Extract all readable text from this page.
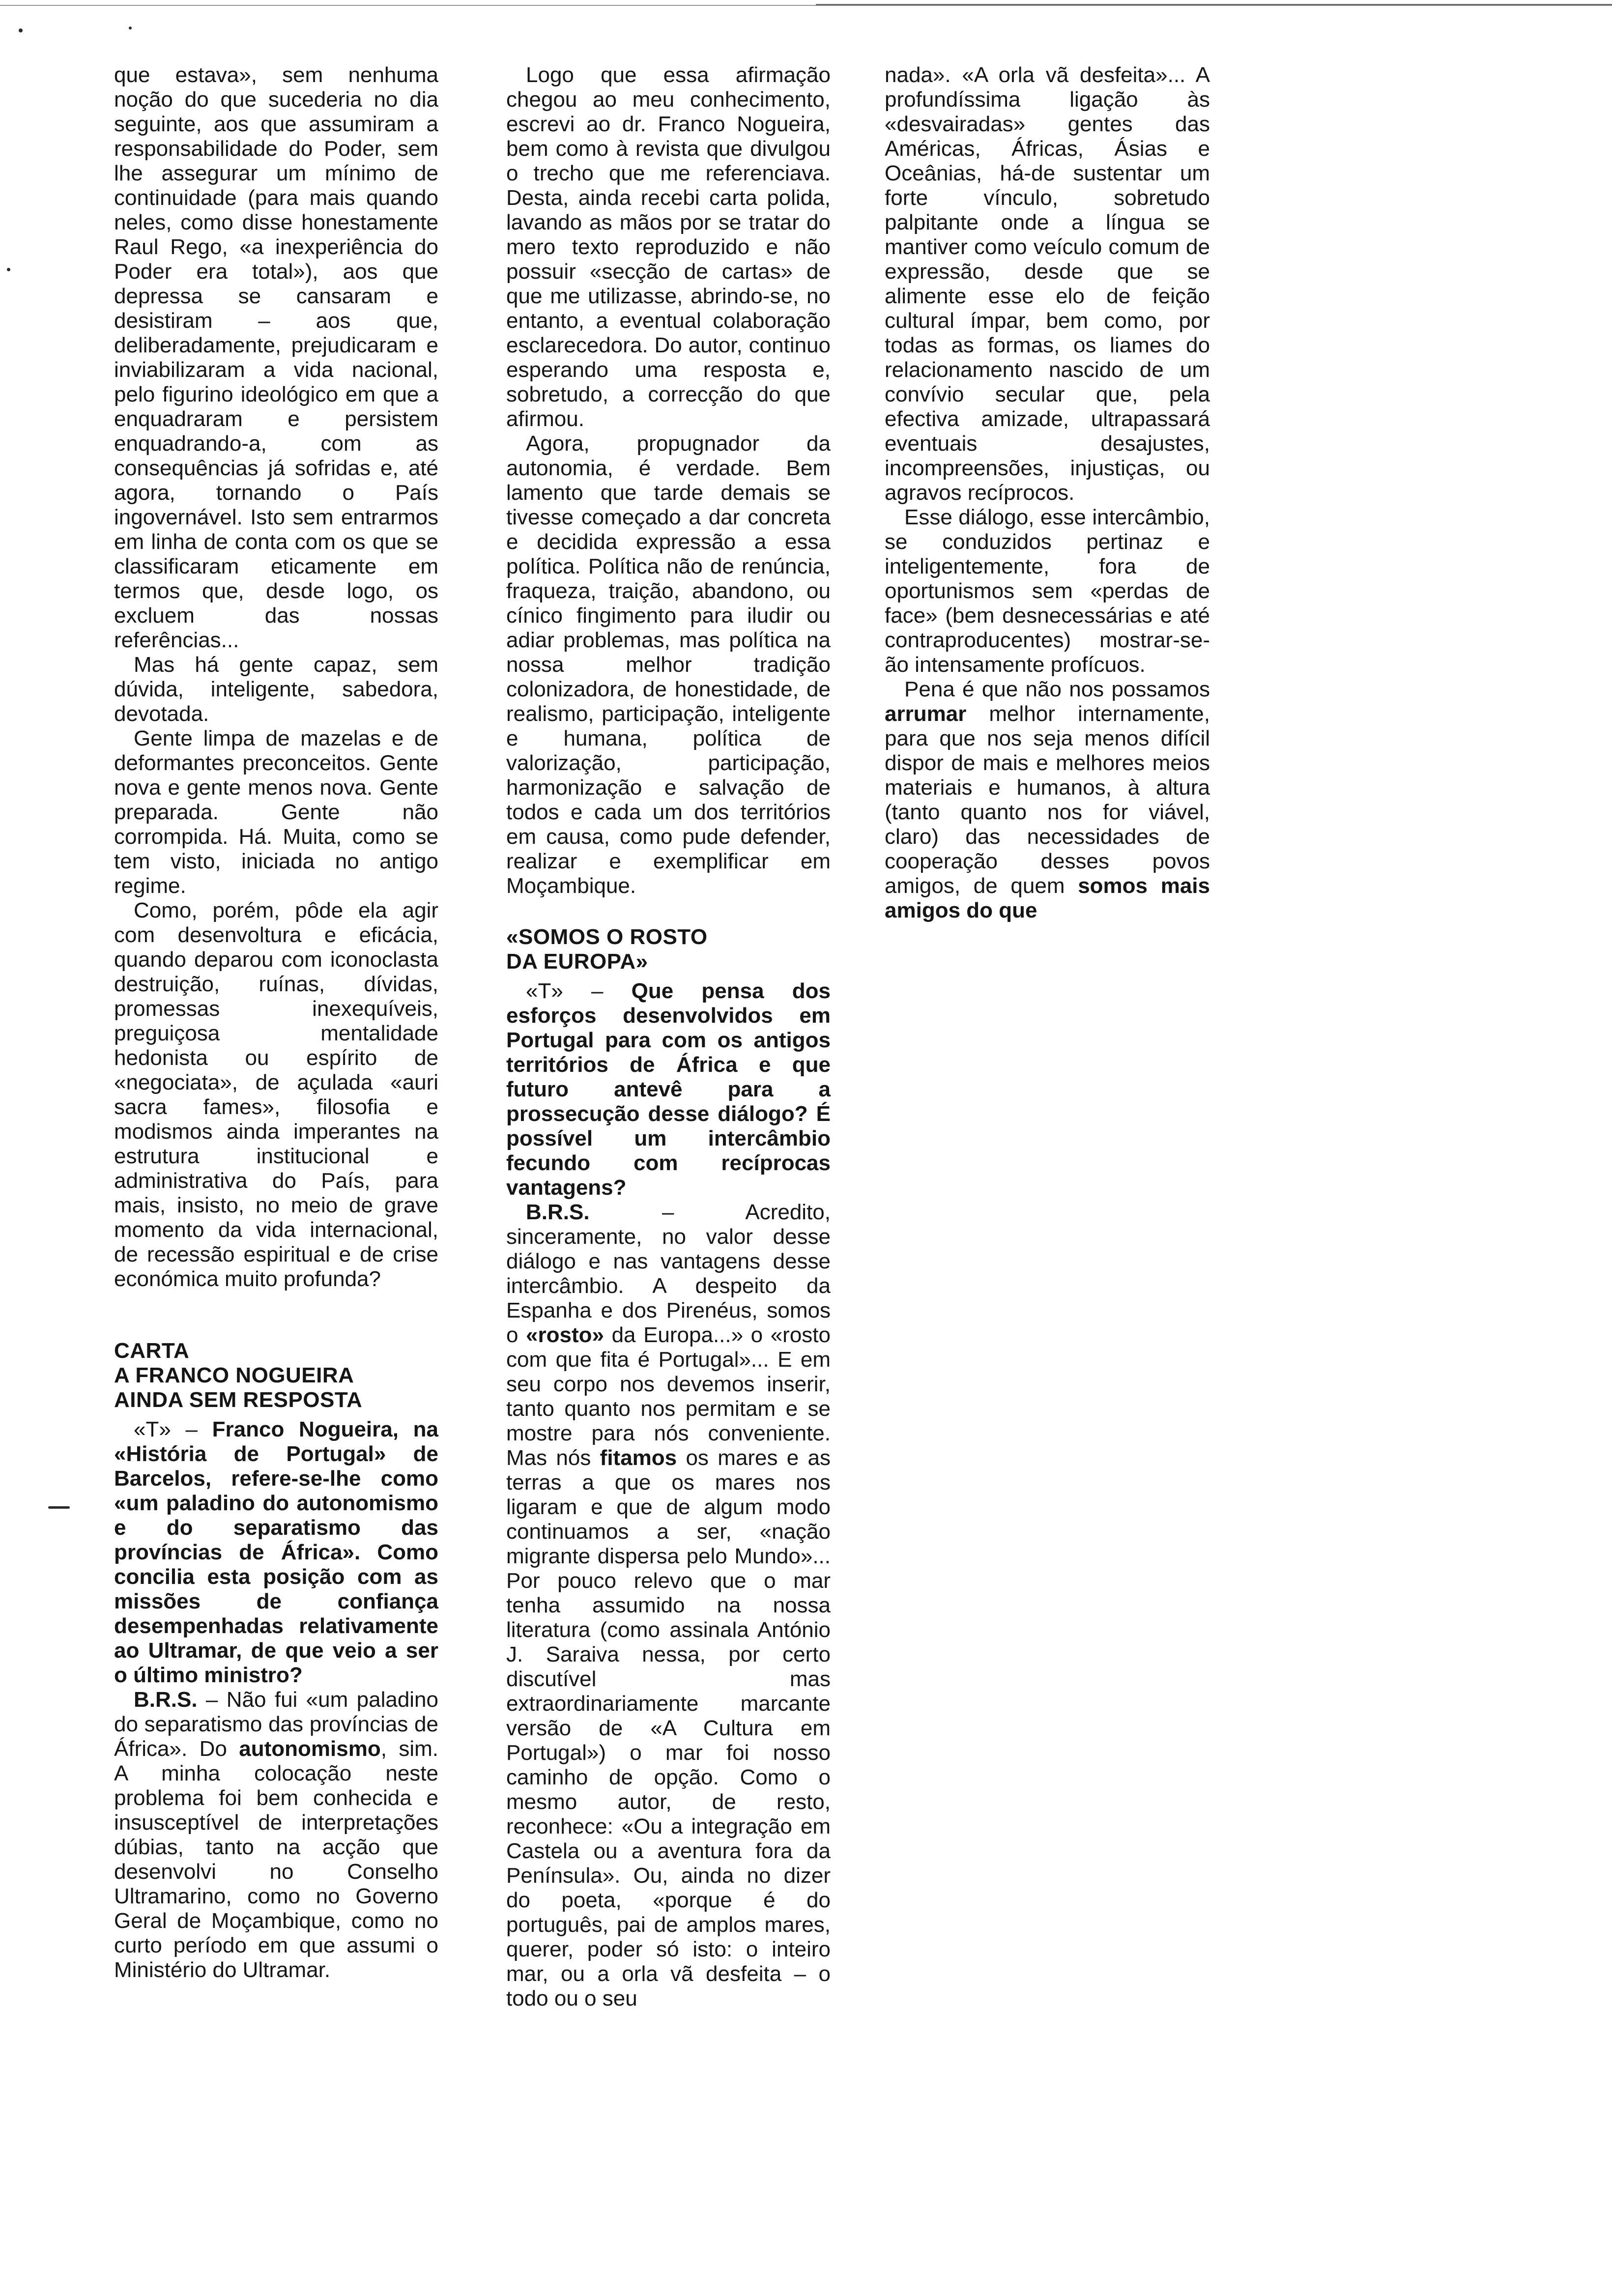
que estava», sem nenhuma noção do que sucederia no dia seguinte, aos que assumiram a responsabilidade do Poder, sem lhe assegurar um mínimo de continuidade (para mais quando neles, como disse honestamente Raul Rego, «a inexperiência do Poder era total»), aos que depressa se cansaram e desistiram – aos que, deliberadamente, prejudicaram e inviabilizaram a vida nacional, pelo figurino ideológico em que a enquadraram e persistem enquadrando-a, com as consequências já sofridas e, até agora, tornando o País ingovernável. Isto sem entrarmos em linha de conta com os que se classificaram eticamente em termos que, desde logo, os excluem das nossas referências...

Mas há gente capaz, sem dúvida, inteligente, sabedora, devotada.

Gente limpa de mazelas e de deformantes preconceitos. Gente nova e gente menos nova. Gente preparada. Gente não corrompida. Há. Muita, como se tem visto, iniciada no antigo regime.

Como, porém, pôde ela agir com desenvoltura e eficácia, quando deparou com iconoclasta destruição, ruínas, dívidas, promessas inexequíveis, preguiçosa mentalidade hedonista ou espírito de «negociata», de açulada «auri sacra fames», filosofia e modismos ainda imperantes na estrutura institucional e administrativa do País, para mais, insisto, no meio de grave momento da vida internacional, de recessão espiritual e de crise económica muito profunda?

CARTA
A FRANCO NOGUEIRA
AINDA SEM RESPOSTA

«T» – Franco Nogueira, na «História de Portugal» de Barcelos, refere-se-lhe como «um paladino do autonomismo e do separatismo das províncias de África». Como concilia esta posição com as missões de confiança desempenhadas relativamente ao Ultramar, de que veio a ser o último ministro?

B.R.S. – Não fui «um paladino do separatismo das províncias de África». Do autonomismo, sim. A minha colocação neste problema foi bem conhecida e insusceptível de interpretações dúbias, tanto na acção que desenvolvi no Conselho Ultramarino, como no Governo Geral de Moçambique, como no curto período em que assumi o Ministério do Ultramar.

Logo que essa afirmação chegou ao meu conhecimento, escrevi ao dr. Franco Nogueira, bem como à revista que divulgou o trecho que me referenciava. Desta, ainda recebi carta polida, lavando as mãos por se tratar do mero texto reproduzido e não possuir «secção de cartas» de que me utilizasse, abrindo-se, no entanto, a eventual colaboração esclarecedora. Do autor, continuo esperando uma resposta e, sobretudo, a correcção do que afirmou.

Agora, propugnador da autonomia, é verdade. Bem lamento que tarde demais se tivesse começado a dar concreta e decidida expressão a essa política. Política não de renúncia, fraqueza, traição, abandono, ou cínico fingimento para iludir ou adiar problemas, mas política na nossa melhor tradição colonizadora, de honestidade, de realismo, participação, inteligente e humana, política de valorização, participação, harmonização e salvação de todos e cada um dos territórios em causa, como pude defender, realizar e exemplificar em Moçambique.

«SOMOS O ROSTO
DA EUROPA»

«T» – Que pensa dos esforços desenvolvidos em Portugal para com os antigos territórios de África e que futuro antevê para a prossecução desse diálogo? É possível um intercâmbio fecundo com recíprocas vantagens?

B.R.S. – Acredito, sinceramente, no valor desse diálogo e nas vantagens desse intercâmbio. A despeito da Espanha e dos Pirenéus, somos o «rosto» da Europa...» o «rosto com que fita é Portugal»... E em seu corpo nos devemos inserir, tanto quanto nos permitam e se mostre para nós conveniente. Mas nós fitamos os mares e as terras a que os mares nos ligaram e que de algum modo continuamos a ser, «nação migrante dispersa pelo Mundo»... Por pouco relevo que o mar tenha assumido na nossa literatura (como assinala António J. Saraiva nessa, por certo discutível mas extraordinariamente marcante versão de «A Cultura em Portugal») o mar foi nosso caminho de opção. Como o mesmo autor, de resto, reconhece: «Ou a integração em Castela ou a aventura fora da Península». Ou, ainda no dizer do poeta, «porque é do português, pai de amplos mares, querer, poder só isto: o inteiro mar, ou a orla vã desfeita – o todo ou o seu

nada». «A orla vã desfeita»... A profundíssima ligação às «desvairadas» gentes das Américas, Áfricas, Ásias e Oceânias, há-de sustentar um forte vínculo, sobretudo palpitante onde a língua se mantiver como veículo comum de expressão, desde que se alimente esse elo de feição cultural ímpar, bem como, por todas as formas, os liames do relacionamento nascido de um convívio secular que, pela efectiva amizade, ultrapassará eventuais desajustes, incompreensões, injustiças, ou agravos recíprocos.

Esse diálogo, esse intercâmbio, se conduzidos pertinaz e inteligentemente, fora de oportunismos sem «perdas de face» (bem desnecessárias e até contraproducentes) mostrar-se-ão intensamente profícuos.

Pena é que não nos possamos arrumar melhor internamente, para que nos seja menos difícil dispor de mais e melhores meios materiais e humanos, à altura (tanto quanto nos for viável, claro) das necessidades de cooperação desses povos amigos, de quem somos mais amigos do que
